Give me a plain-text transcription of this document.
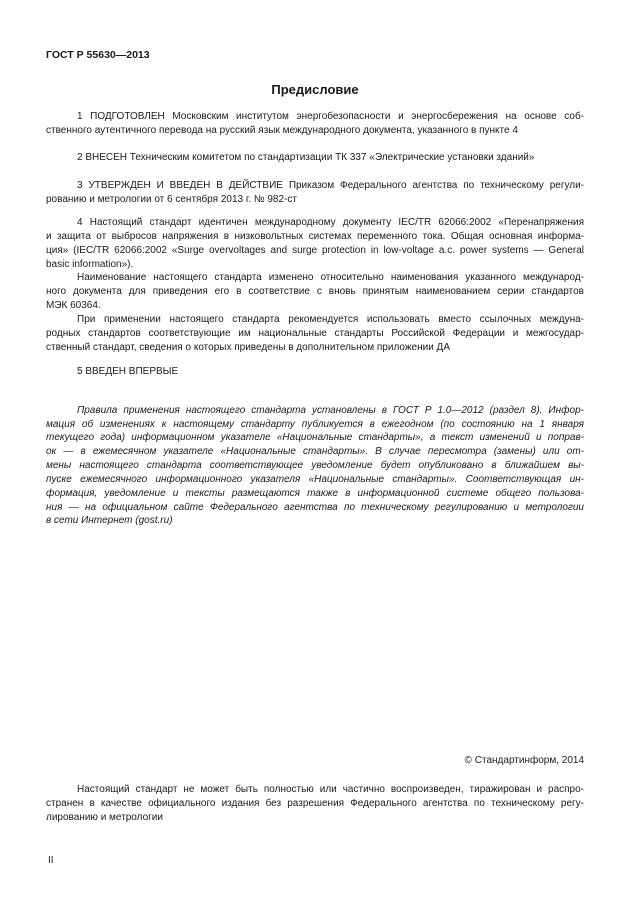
ГОСТ Р 55630—2013
Предисловие
1 ПОДГОТОВЛЕН Московским институтом энергобезопасности и энергосбережения на основе соб-
ственного аутентичного перевода на русский язык международного документа, указанного в пункте 4
2 ВНЕСЕН Техническим комитетом по стандартизации ТК 337 «Электрические установки зданий»
3 УТВЕРЖДЕН И ВВЕДЕН В ДЕЙСТВИЕ Приказом Федерального агентства по техническому регули-
рованию и метрологии от 6 сентября 2013 г. № 982-ст
4 Настоящий стандарт идентичен международному документу IEC/TR 62066:2002 «Перенапряжения
и защита от выбросов напряжения в низковольтных системах переменного тока. Общая основная информа-
ция» (IEC/TR 62066:2002 «Surge overvoltages and surge protection in low-voltage a.c. power systems — General
basic information»).
Наименование настоящего стандарта изменено относительно наименования указанного международ-
ного документа для приведения его в соответствие с вновь принятым наименованием серии стандартов
МЭК 60364.
При применении настоящего стандарта рекомендуется использовать вместо ссылочных междуна-
родных стандартов соответствующие им национальные стандарты Российской Федерации и межгосудар-
ственный стандарт, сведения о которых приведены в дополнительном приложении ДА
5 ВВЕДЕН ВПЕРВЫЕ
Правила применения настоящего стандарта установлены в ГОСТ Р 1.0—2012 (раздел 8). Инфор-
мация об изменениях к настоящему стандарту публикуется в ежегодном (по состоянию на 1 января
текущего года) информационном указателе «Национальные стандарты», а текст изменений и поправ-
ок — в ежемесячном указателе «Национальные стандарты». В случае пересмотра (замены) или от-
мены настоящего стандарта соответствующее уведомление будет опубликовано в ближайшем вы-
пуске ежемесячного информационного указателя «Национальные стандарты». Соответствующая ин-
формация, уведомление и тексты размещаются также в информационной системе общего пользова-
ния — на официальном сайте Федерального агентства по техническому регулированию и метрологии
в сети Интернет (gost.ru)
© Стандартинформ, 2014
Настоящий стандарт не может быть полностью или частично воспроизведен, тиражирован и распро-
странен в качестве официального издания без разрешения Федерального агентства по техническому регу-
лированию и метрологии
II
